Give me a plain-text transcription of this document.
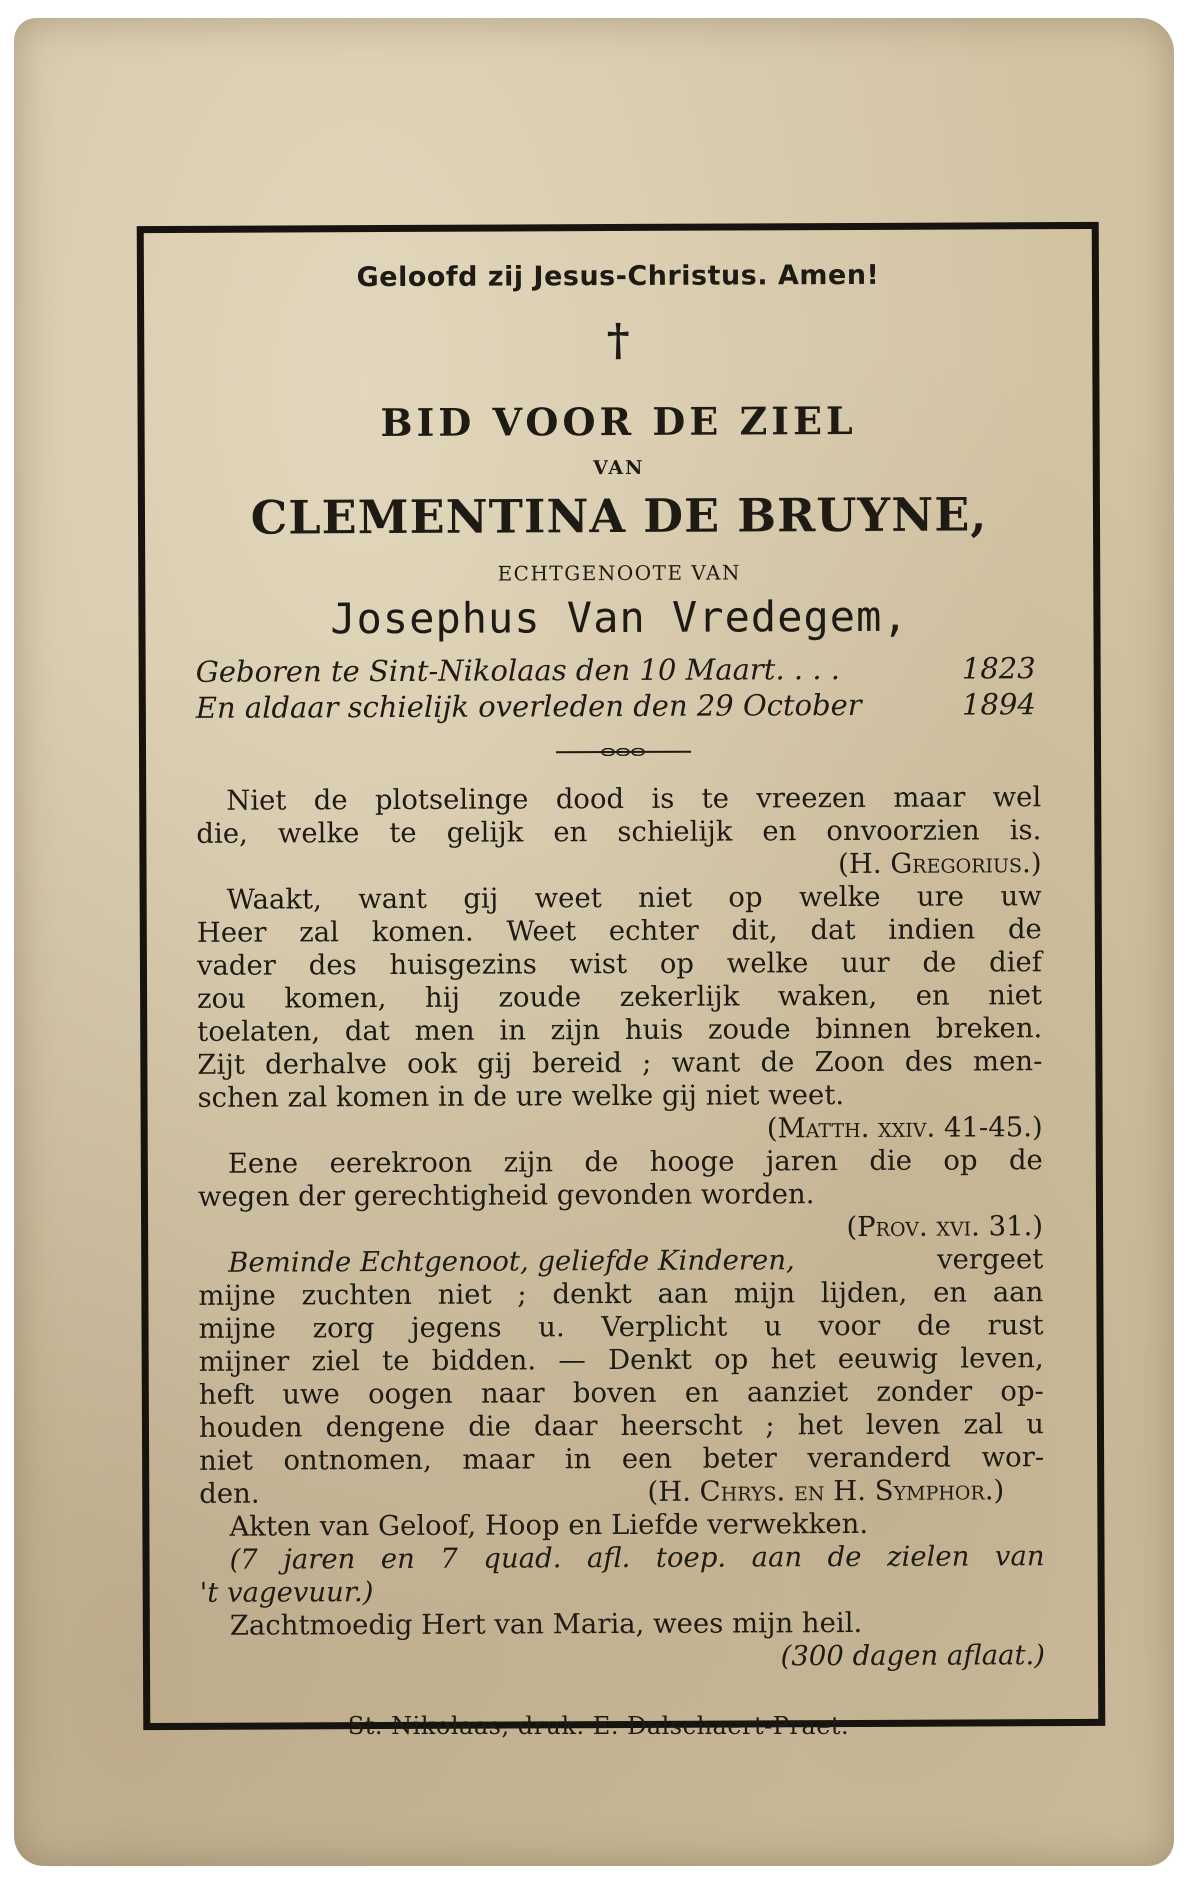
Geloofd zij Jesus-Christus. Amen!
†
BID VOOR DE ZIEL
VAN
CLEMENTINA DE BRUYNE,
ECHTGENOOTE VAN
Josephus Van Vredegem,
Geboren te Sint-Nikolaas den 10 Maart. . . .	1823
En aldaar schielijk overleden den 29 October	1894
Niet de plotselinge dood is te vreezen maar wel
die, welke te gelijk en schielijk en onvoorzien is.
(H. Gregorius.)
Waakt, want gij weet niet op welke ure uw
Heer zal komen. Weet echter dit, dat indien de
vader des huisgezins wist op welke uur de dief
zou komen, hij zoude zekerlijk waken, en niet
toelaten, dat men in zijn huis zoude binnen breken.
Zijt derhalve ook gij bereid ; want de Zoon des men-
schen zal komen in de ure welke gij niet weet.
(Matth. xxiv. 41-45.)
Eene eerekroon zijn de hooge jaren die op de
wegen der gerechtigheid gevonden worden.
(Prov. xvi. 31.)
Beminde Echtgenoot, geliefde Kinderen,	vergeet
mijne zuchten niet ; denkt aan mijn lijden, en aan
mijne zorg jegens u. Verplicht u voor de rust
mijner ziel te bidden. — Denkt op het eeuwig leven,
heft uwe oogen naar boven en aanziet zonder op-
houden dengene die daar heerscht ; het leven zal u
niet ontnomen, maar in een beter veranderd wor-
den.	(H. Chrys. en H. Symphor.)
Akten van Geloof, Hoop en Liefde verwekken.
(7 jaren en 7 quad. afl. toep. aan de zielen van
't vagevuur.)
Zachtmoedig Hert van Maria, wees mijn heil.
(300 dagen aflaat.)
St. Nikolaas, druk. E. Dalschaert-Praet.
